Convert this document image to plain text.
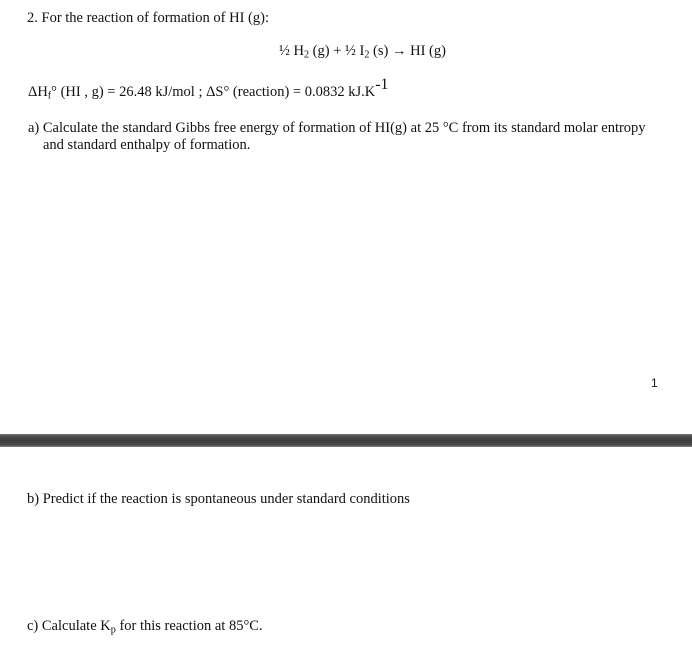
2. For the reaction of formation of HI (g):
½ $H_2$ (g) + ½ $I_2$ (s) → HI (g)
$\Delta H_f^\circ$ (HI , g) = 26.48 kJ/mol ; ΔS° (reaction) = 0.0832 $kJ.K^{-1}$
a) Calculate the standard Gibbs free energy of formation of HI(g) at 25 °C from its standard molar entropy
and standard enthalpy of formation.
1
b) Predict if the reaction is spontaneous under standard conditions
c) Calculate $K_p$ for this reaction at 85°C.
